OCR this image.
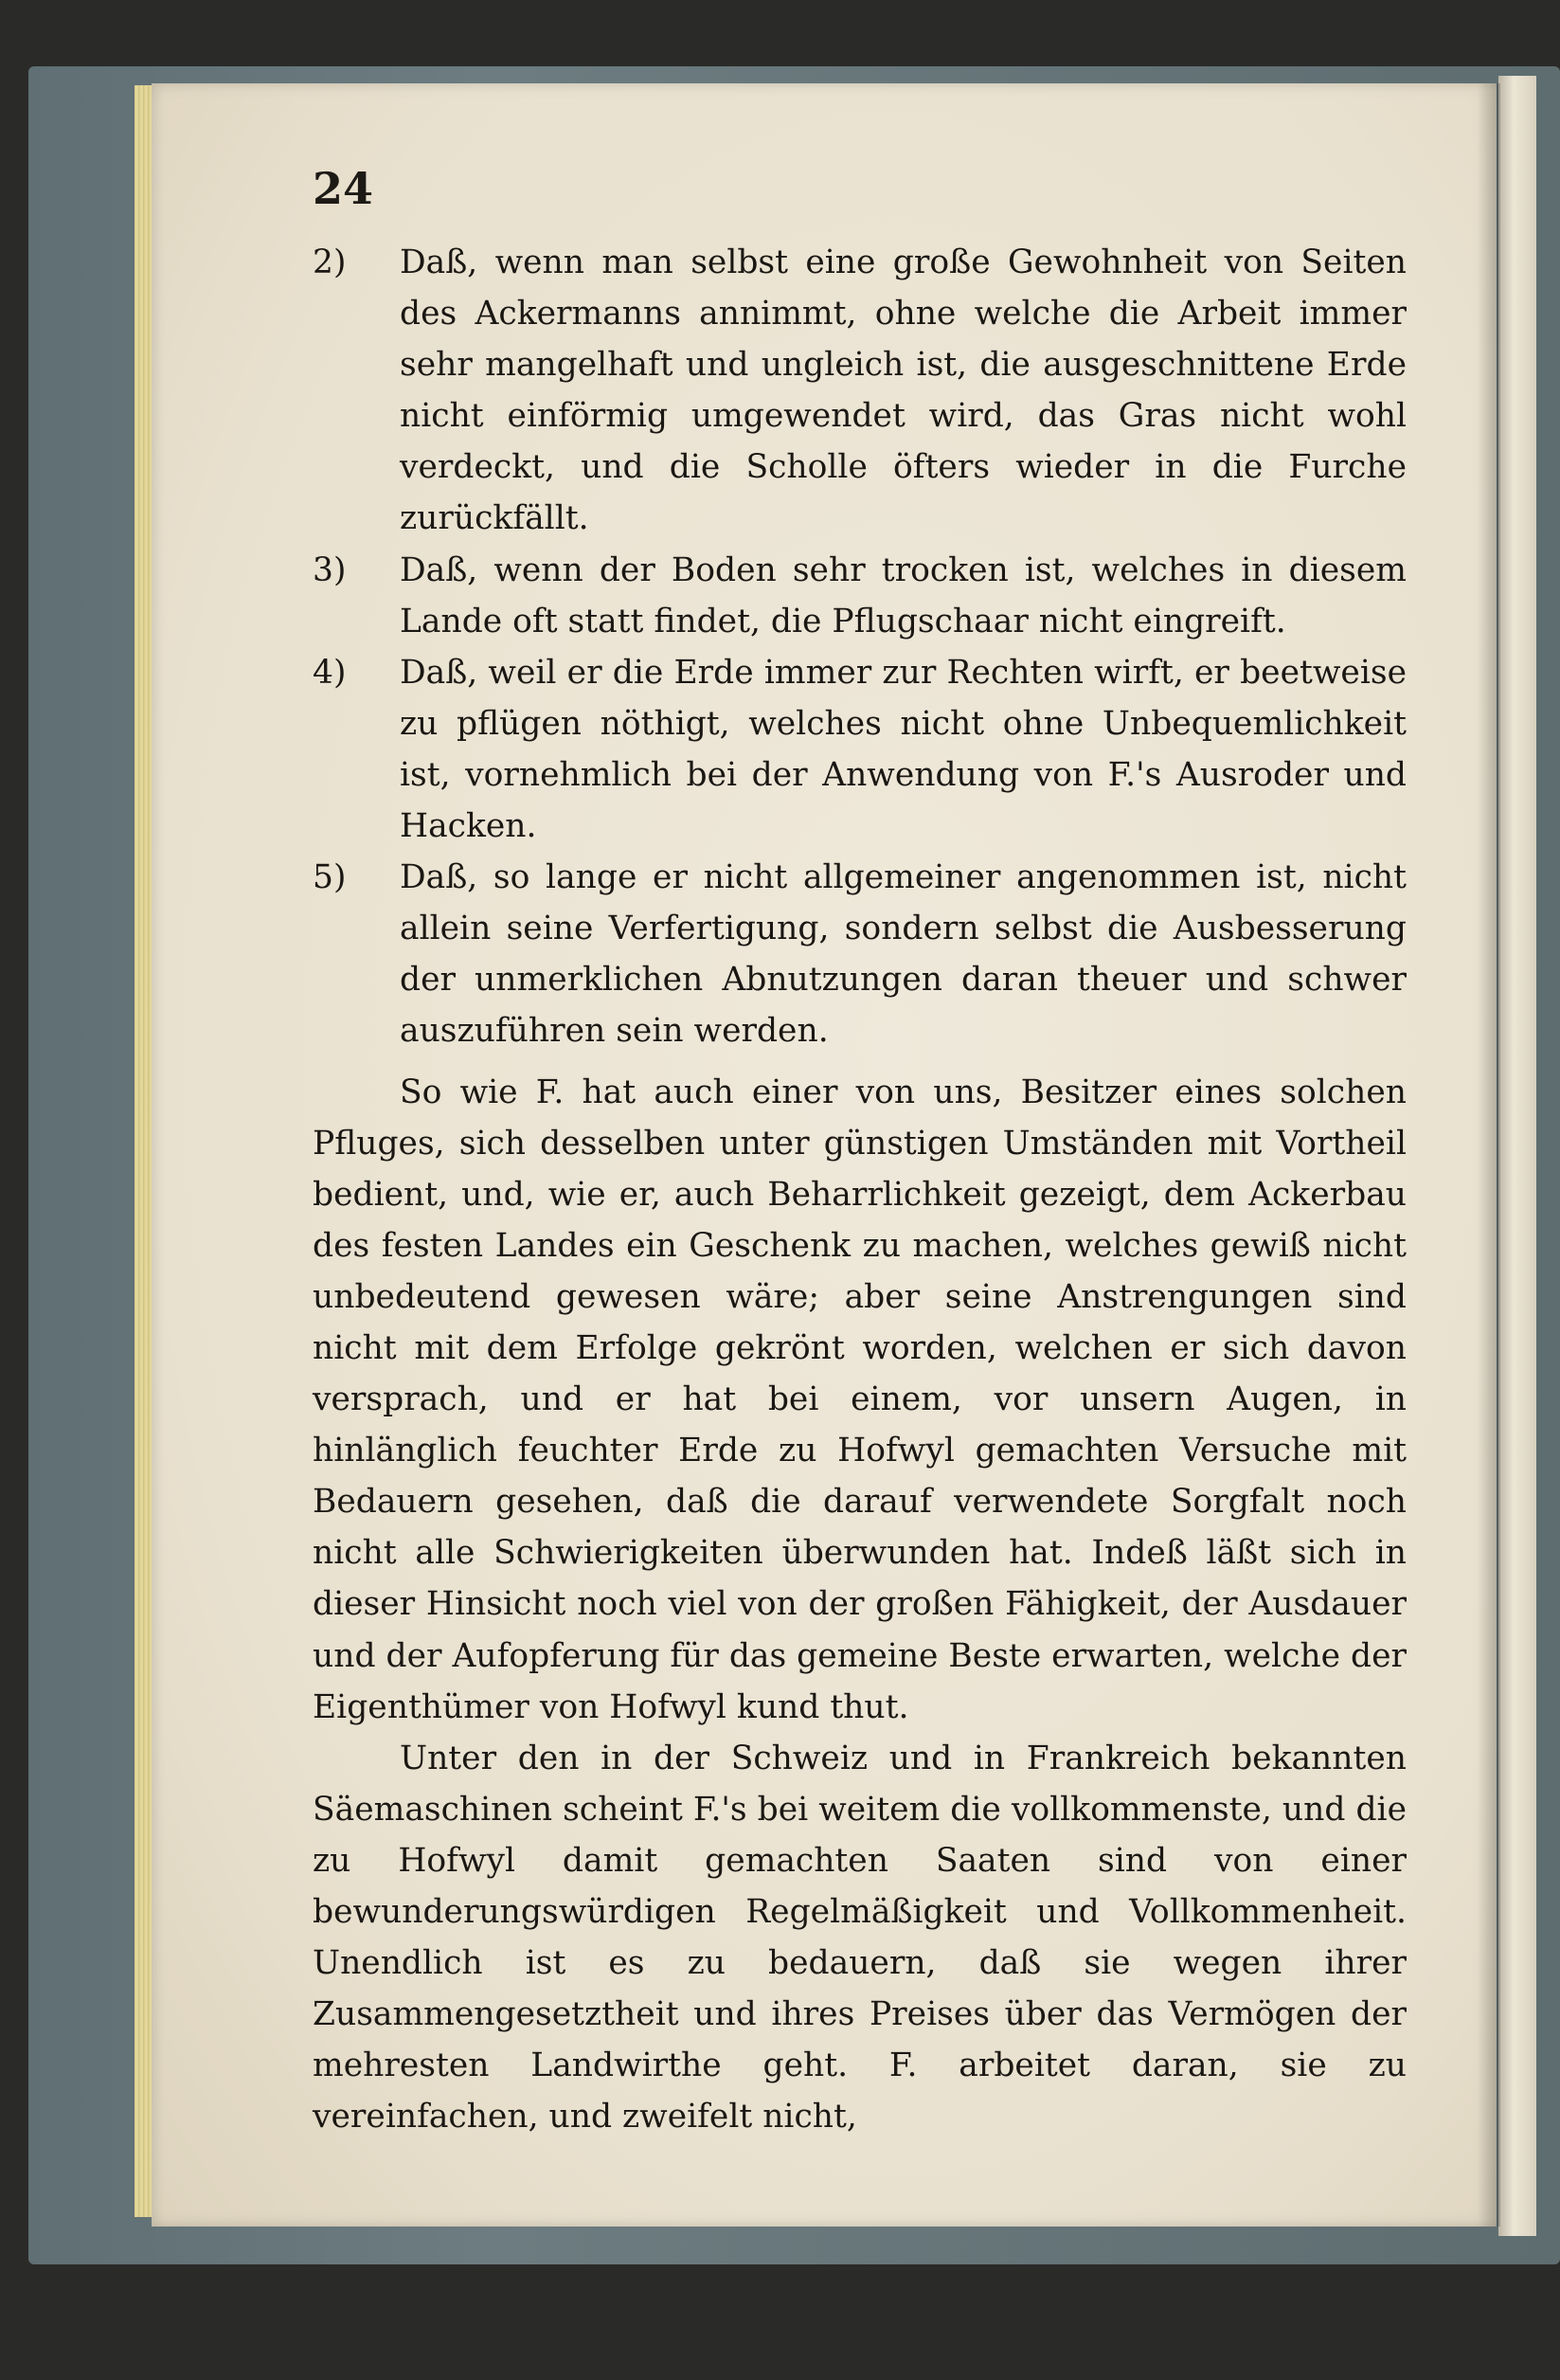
24
2) Daß, wenn man selbst eine große Gewohnheit von Seiten des Ackermanns annimmt, ohne welche die Arbeit immer sehr mangelhaft und ungleich ist, die ausgeschnittene Erde nicht einförmig umgewendet wird, das Gras nicht wohl verdeckt, und die Scholle öfters wieder in die Furche zurückfällt.
3) Daß, wenn der Boden sehr trocken ist, welches in diesem Lande oft statt findet, die Pflugschaar nicht eingreift.
4) Daß, weil er die Erde immer zur Rechten wirft, er beetweise zu pflügen nöthigt, welches nicht ohne Unbequemlichkeit ist, vornehmlich bei der Anwendung von F.'s Ausroder und Hacken.
5) Daß, so lange er nicht allgemeiner angenommen ist, nicht allein seine Verfertigung, sondern selbst die Ausbesserung der unmerklichen Abnutzungen daran theuer und schwer auszuführen sein werden.

So wie F. hat auch einer von uns, Besitzer eines solchen Pfluges, sich desselben unter günstigen Umständen mit Vortheil bedient, und, wie er, auch Beharrlichkeit gezeigt, dem Ackerbau des festen Landes ein Geschenk zu machen, welches gewiß nicht unbedeutend gewesen wäre; aber seine Anstrengungen sind nicht mit dem Erfolge gekrönt worden, welchen er sich davon versprach, und er hat bei einem, vor unsern Augen, in hinlänglich feuchter Erde zu Hofwyl gemachten Versuche mit Bedauern gesehen, daß die darauf verwendete Sorgfalt noch nicht alle Schwierigkeiten überwunden hat. Indeß läßt sich in dieser Hinsicht noch viel von der großen Fähigkeit, der Ausdauer und der Aufopferung für das gemeine Beste erwarten, welche der Eigenthümer von Hofwyl kund thut.

Unter den in der Schweiz und in Frankreich bekannten Säemaschinen scheint F.'s bei weitem die vollkommenste, und die zu Hofwyl damit gemachten Saaten sind von einer bewunderungswürdigen Regelmäßigkeit und Vollkommenheit. Unendlich ist es zu bedauern, daß sie wegen ihrer Zusammengesetztheit und ihres Preises über das Vermögen der mehresten Landwirthe geht. F. arbeitet daran, sie zu vereinfachen, und zweifelt nicht,
